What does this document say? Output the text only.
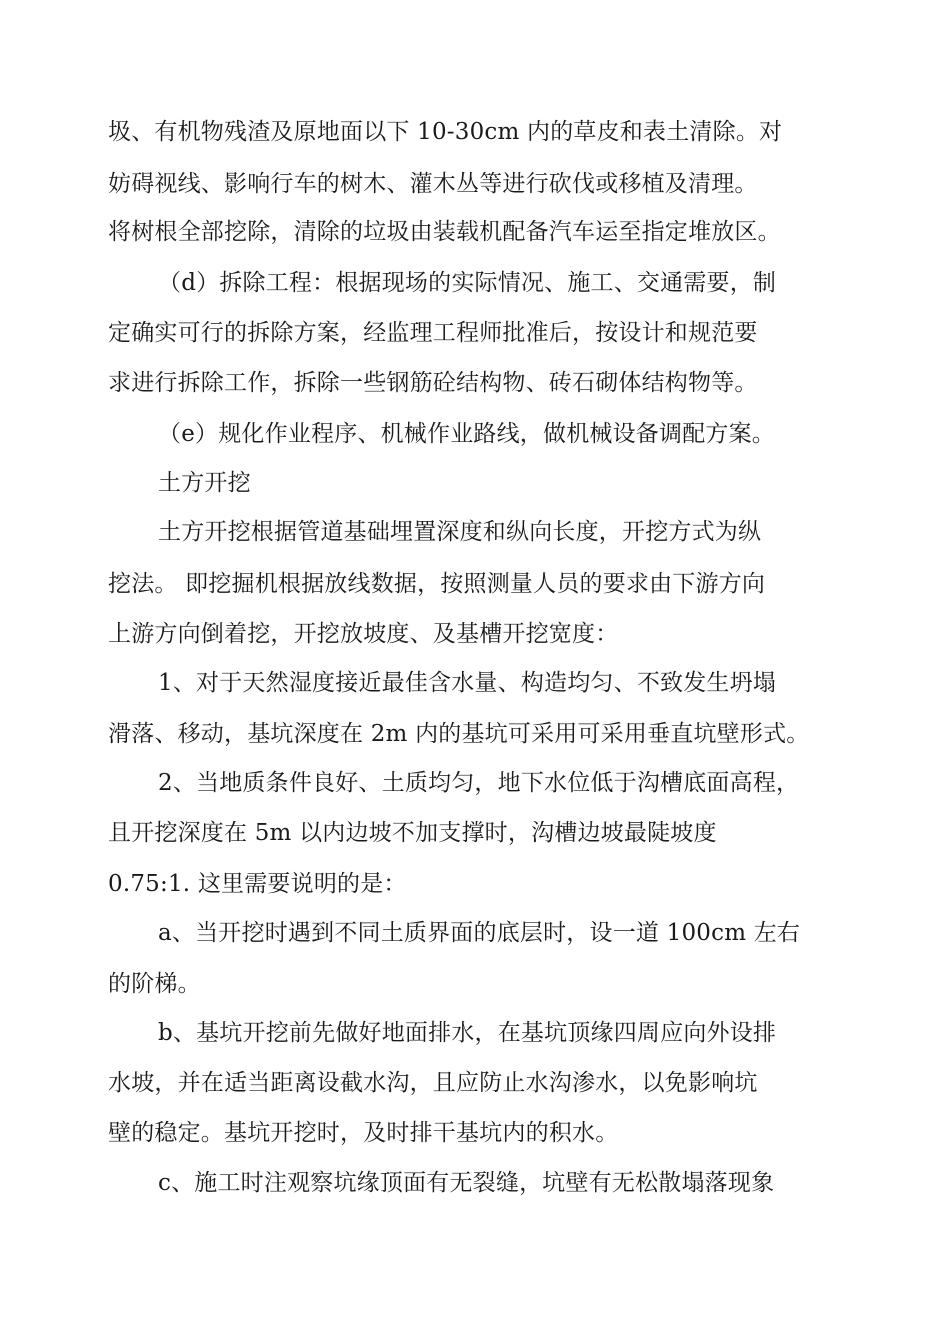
圾、有机物残渣及原地面以下 10-30cm 内的草皮和表土清除。对
妨碍视线、影响行车的树木、灌木丛等进行砍伐或移植及清理。
将树根全部挖除，清除的垃圾由装载机配备汽车运至指定堆放区。
（d）拆除工程：根据现场的实际情况、施工、交通需要，制
定确实可行的拆除方案，经监理工程师批准后，按设计和规范要
求进行拆除工作，拆除一些钢筋砼结构物、砖石砌体结构物等。
（e）规化作业程序、机械作业路线，做机械设备调配方案。
土方开挖
土方开挖根据管道基础埋置深度和纵向长度，开挖方式为纵
挖法。 即挖掘机根据放线数据，按照测量人员的要求由下游方向
上游方向倒着挖，开挖放坡度、及基槽开挖宽度：
1、对于天然湿度接近最佳含水量、构造均匀、不致发生坍塌
滑落、移动，基坑深度在 2m 内的基坑可采用可采用垂直坑壁形式。
2、当地质条件良好、土质均匀，地下水位低于沟槽底面高程，
且开挖深度在 5m 以内边坡不加支撑时，沟槽边坡最陡坡度
0.75:1. 这里需要说明的是：
a、当开挖时遇到不同土质界面的底层时，设一道 100cm 左右
的阶梯。
b、基坑开挖前先做好地面排水，在基坑顶缘四周应向外设排
水坡，并在适当距离设截水沟，且应防止水沟渗水，以免影响坑
壁的稳定。基坑开挖时，及时排干基坑内的积水。
c、施工时注观察坑缘顶面有无裂缝，坑壁有无松散塌落现象
